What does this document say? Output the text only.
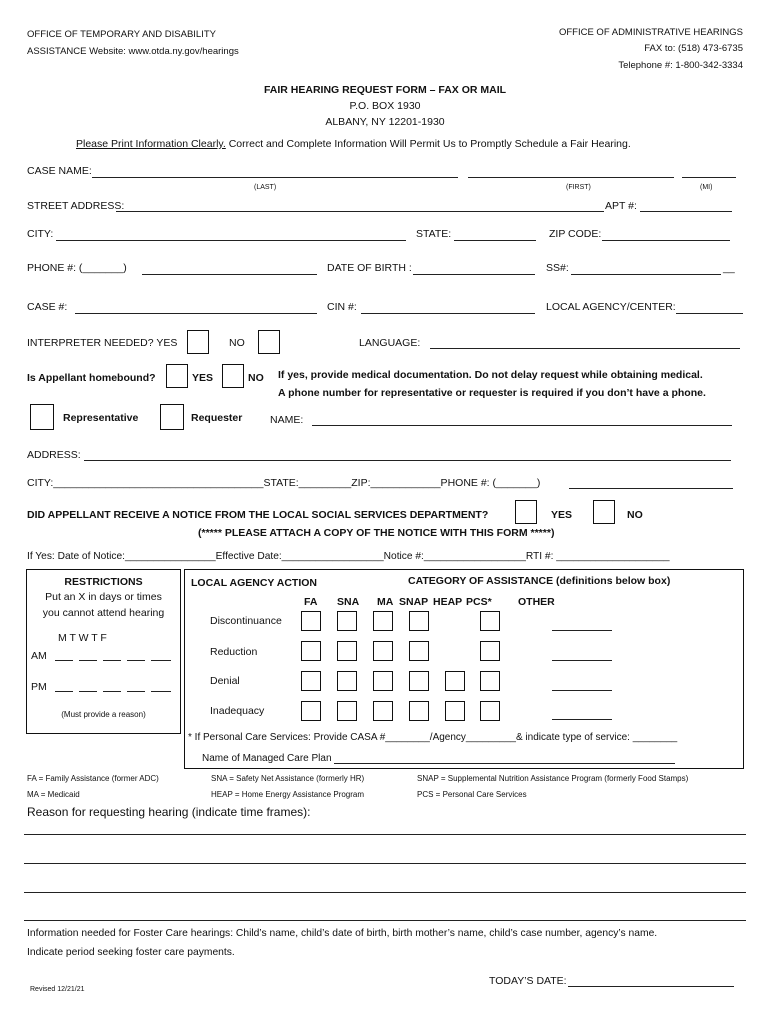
OFFICE OF TEMPORARY AND DISABILITY
ASSISTANCE Website: www.otda.ny.gov/hearings
OFFICE OF ADMINISTRATIVE HEARINGS
FAX to: (518) 473-6735
Telephone #: 1-800-342-3334
FAIR HEARING REQUEST FORM – FAX OR MAIL
P.O. BOX 1930
ALBANY, NY 12201-1930
Please Print Information Clearly. Correct and Complete Information Will Permit Us to Promptly Schedule a Fair Hearing.
CASE NAME:
(LAST)	(FIRST)	(MI)
STREET ADDRESS:	APT #:
CITY:	STATE:	ZIP CODE:
PHONE #: (_______)	DATE OF BIRTH :	SS#:	__
CASE #:	CIN #:	LOCAL AGENCY/CENTER:
INTERPRETER NEEDED? YES	NO	LANGUAGE:
Is Appellant homebound?	YES	NO If yes, provide medical documentation. Do not delay request while obtaining medical.
A phone number for representative or requester is required if you don’t have a phone.
Representative	Requester	NAME:
ADDRESS:
CITY:____________________________________STATE:_________ZIP:____________PHONE #: (_______)
DID APPELLANT RECEIVE A NOTICE FROM THE LOCAL SOCIAL SERVICES DEPARTMENT?	YES	NO
(***** PLEASE ATTACH A COPY OF THE NOTICE WITH THIS FORM *****)
If Yes: Date of Notice:________________Effective Date:__________________Notice #:__________________RTI #: ____________________
RESTRICTIONS
Put an X in days or times
you cannot attend hearing
M T W T F
AM
PM
(Must provide a reason)
LOCAL AGENCY ACTION	CATEGORY OF ASSISTANCE (definitions below box)
FA SNA MA SNAP HEAP PCS*	OTHER
Discontinuance
Reduction
Denial
Inadequacy
* If Personal Care Services: Provide CASA #________/Agency_________& indicate type of service: ________
Name of Managed Care Plan
FA = Family Assistance (former ADC)	SNA = Safety Net Assistance (formerly HR)	SNAP = Supplemental Nutrition Assistance Program (formerly Food Stamps)
MA = Medicaid	HEAP = Home Energy Assistance Program	PCS = Personal Care Services
Reason for requesting hearing (indicate time frames):
Information needed for Foster Care hearings: Child’s name, child’s date of birth, birth mother’s name, child’s case number, agency’s name.
Indicate period seeking foster care payments.
TODAY’S DATE:
Revised 12/21/21
